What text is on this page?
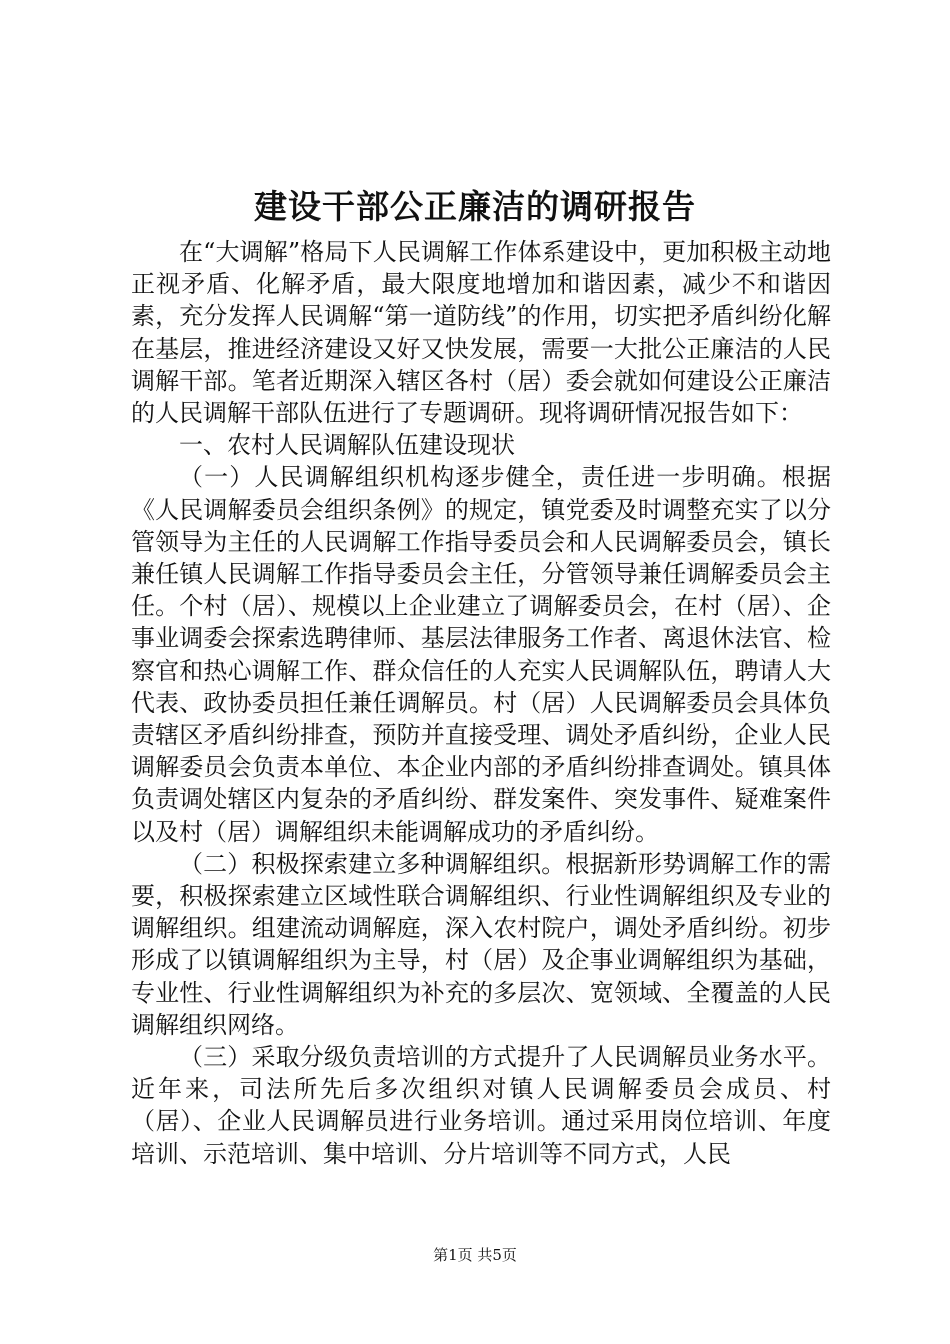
建设干部公正廉洁的调研报告

在“大调解”格局下人民调解工作体系建设中，更加积极主动地正视矛盾、化解矛盾，最大限度地增加和谐因素，减少不和谐因素，充分发挥人民调解“第一道防线”的作用，切实把矛盾纠纷化解在基层，推进经济建设又好又快发展，需要一大批公正廉洁的人民调解干部。笔者近期深入辖区各村（居）委会就如何建设公正廉洁的人民调解干部队伍进行了专题调研。现将调研情况报告如下：

一、农村人民调解队伍建设现状

（一）人民调解组织机构逐步健全，责任进一步明确。根据《人民调解委员会组织条例》的规定，镇党委及时调整充实了以分管领导为主任的人民调解工作指导委员会和人民调解委员会，镇长兼任镇人民调解工作指导委员会主任，分管领导兼任调解委员会主任。个村（居）、规模以上企业建立了调解委员会，在村（居）、企事业调委会探索选聘律师、基层法律服务工作者、离退休法官、检察官和热心调解工作、群众信任的人充实人民调解队伍，聘请人大代表、政协委员担任兼任调解员。村（居）人民调解委员会具体负责辖区矛盾纠纷排查，预防并直接受理、调处矛盾纠纷，企业人民调解委员会负责本单位、本企业内部的矛盾纠纷排查调处。镇具体负责调处辖区内复杂的矛盾纠纷、群发案件、突发事件、疑难案件以及村（居）调解组织未能调解成功的矛盾纠纷。

（二）积极探索建立多种调解组织。根据新形势调解工作的需要，积极探索建立区域性联合调解组织、行业性调解组织及专业的调解组织。组建流动调解庭，深入农村院户，调处矛盾纠纷。初步形成了以镇调解组织为主导，村（居）及企事业调解组织为基础，专业性、行业性调解组织为补充的多层次、宽领域、全覆盖的人民调解组织网络。

（三）采取分级负责培训的方式提升了人民调解员业务水平。近年来，司法所先后多次组织对镇人民调解委员会成员、村（居）、企业人民调解员进行业务培训。通过采用岗位培训、年度培训、示范培训、集中培训、分片培训等不同方式，人民

第1页 共5页
